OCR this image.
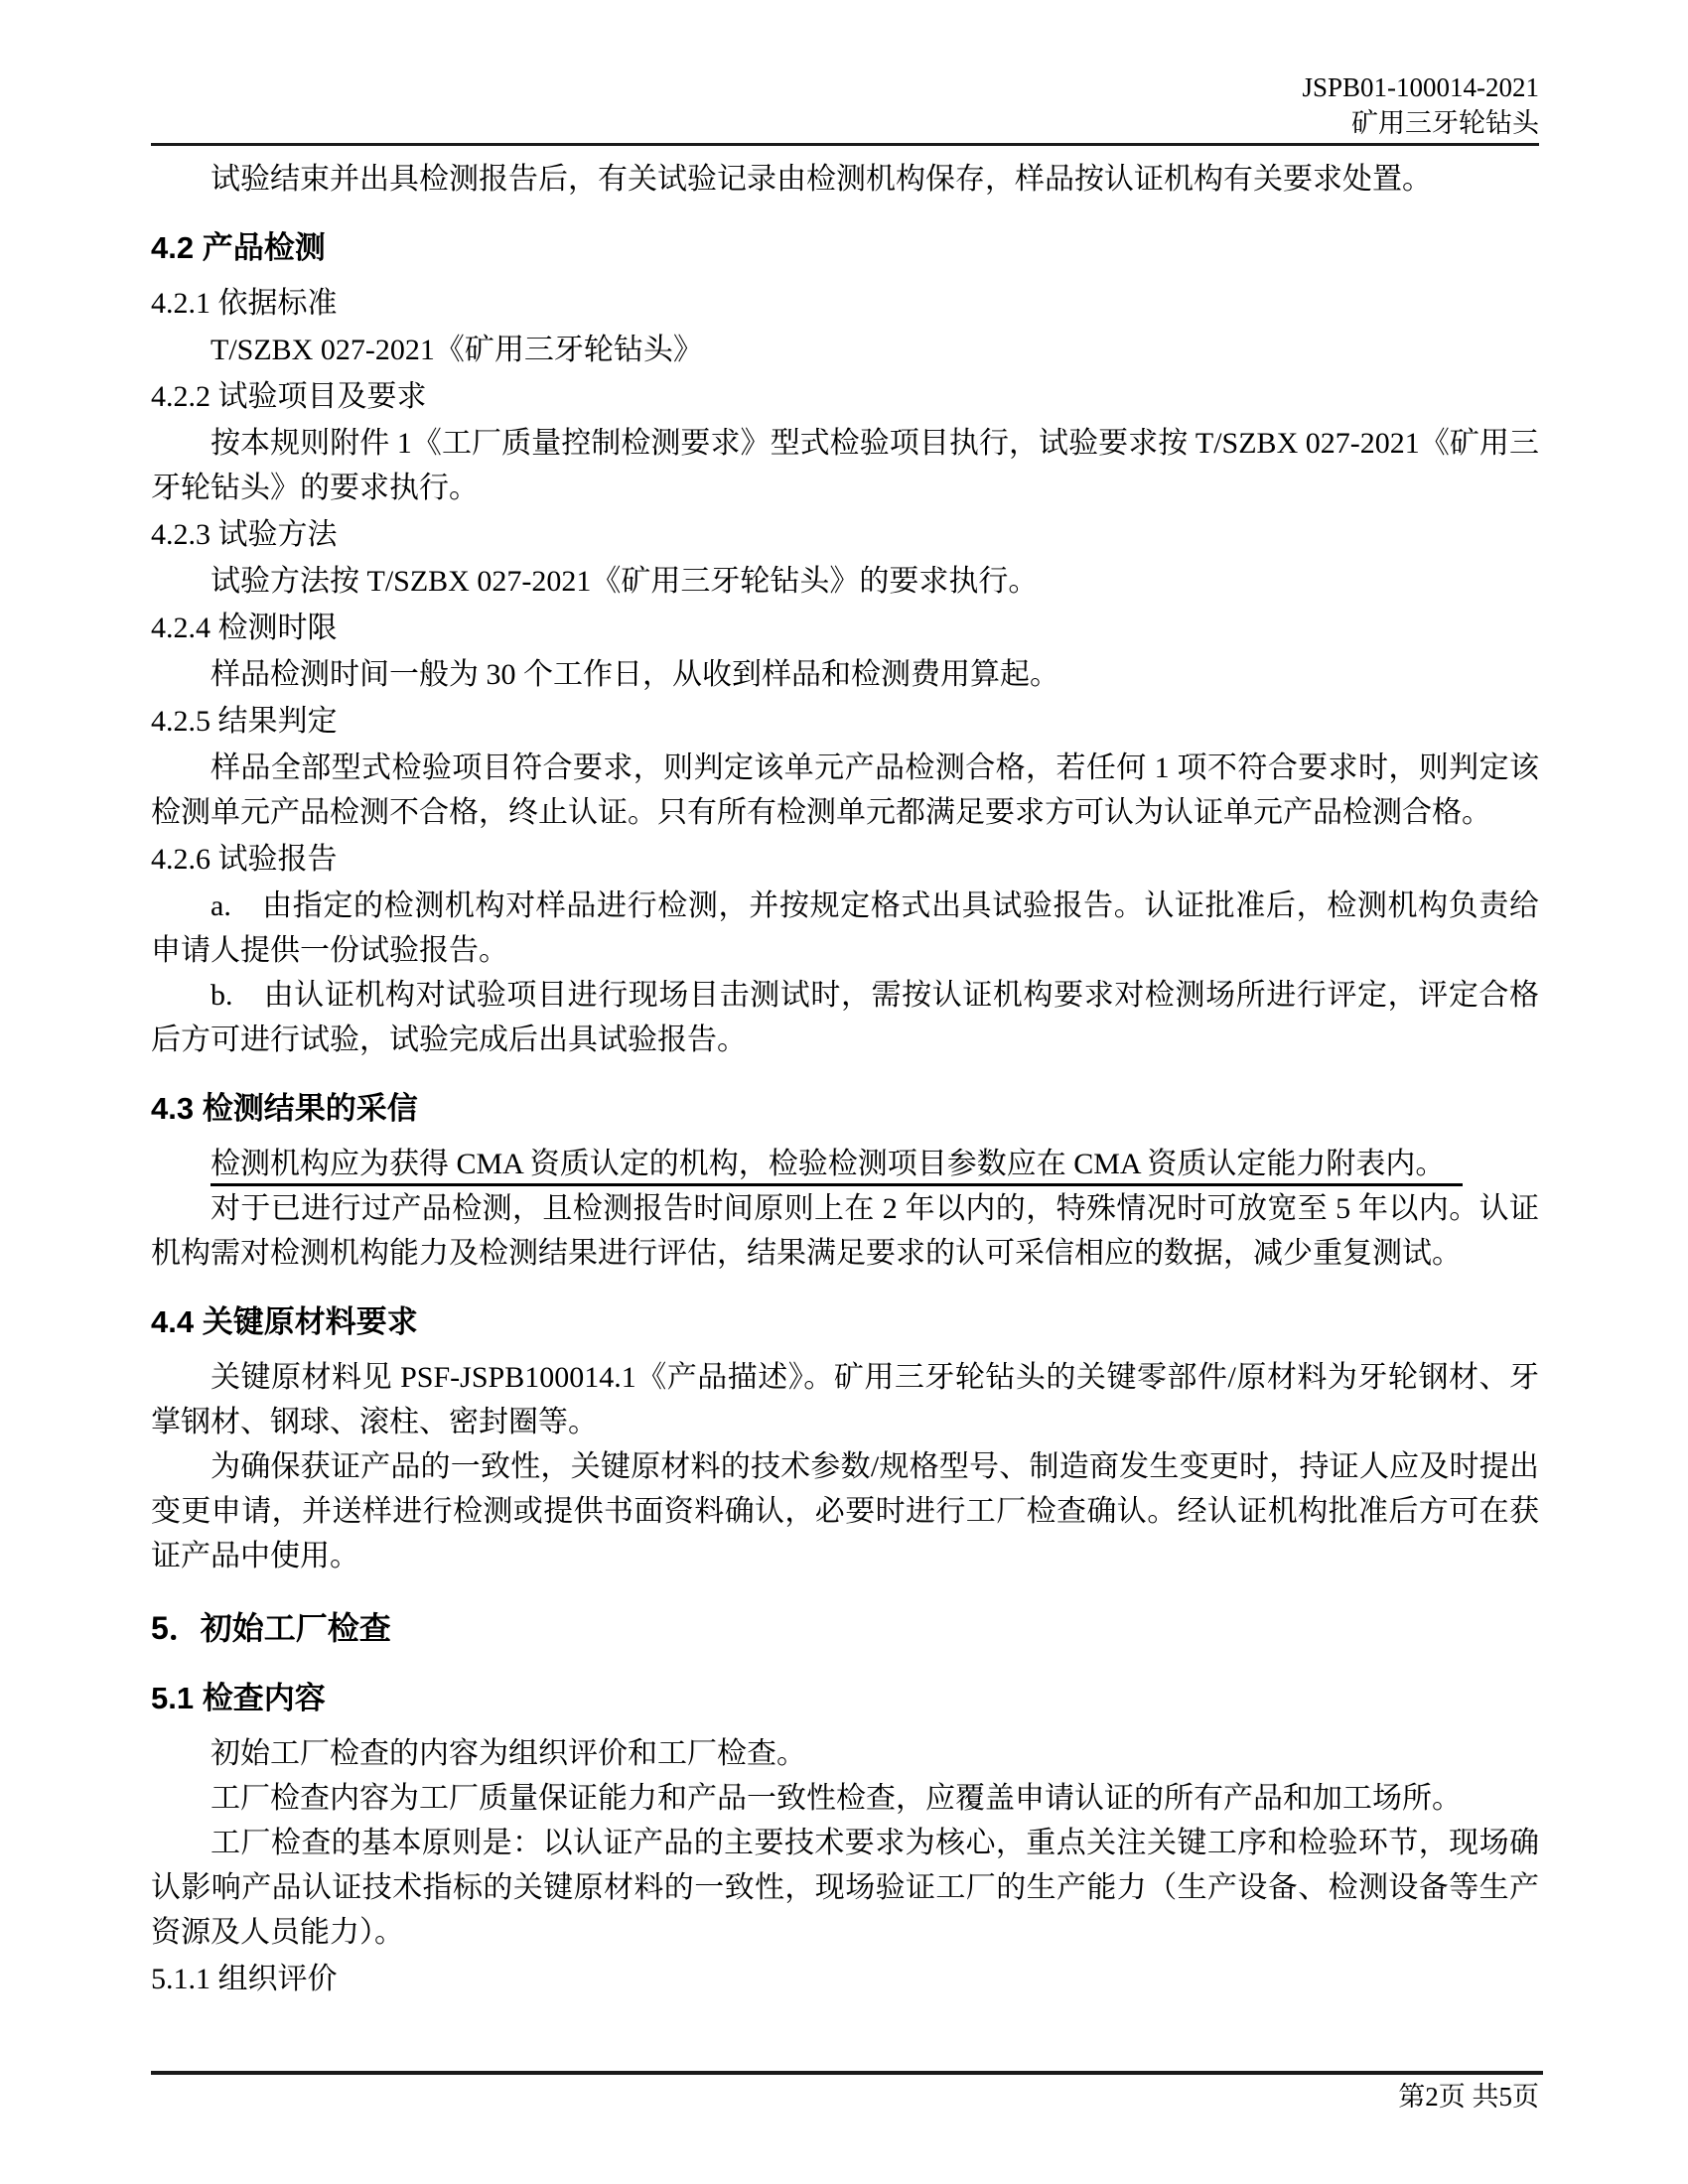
JSPB01-100014-2021
矿用三牙轮钻头

试验结束并出具检测报告后，有关试验记录由检测机构保存，样品按认证机构有关要求处置。

4.2 产品检测

4.2.1 依据标准

T/SZBX 027-2021《矿用三牙轮钻头》

4.2.2 试验项目及要求

按本规则附件 1《工厂质量控制检测要求》型式检验项目执行，试验要求按 T/SZBX 027-2021《矿用三牙轮钻头》的要求执行。

4.2.3 试验方法

试验方法按 T/SZBX 027-2021《矿用三牙轮钻头》的要求执行。

4.2.4 检测时限

样品检测时间一般为 30 个工作日，从收到样品和检测费用算起。

4.2.5 结果判定

样品全部型式检验项目符合要求，则判定该单元产品检测合格，若任何 1 项不符合要求时，则判定该检测单元产品检测不合格，终止认证。只有所有检测单元都满足要求方可认为认证单元产品检测合格。

4.2.6 试验报告

a.　由指定的检测机构对样品进行检测，并按规定格式出具试验报告。认证批准后，检测机构负责给申请人提供一份试验报告。

b.　由认证机构对试验项目进行现场目击测试时，需按认证机构要求对检测场所进行评定，评定合格后方可进行试验，试验完成后出具试验报告。

4.3 检测结果的采信

检测机构应为获得 CMA 资质认定的机构，检验检测项目参数应在 CMA 资质认定能力附表内。

对于已进行过产品检测，且检测报告时间原则上在 2 年以内的，特殊情况时可放宽至 5 年以内。认证机构需对检测机构能力及检测结果进行评估，结果满足要求的认可采信相应的数据，减少重复测试。

4.4 关键原材料要求

关键原材料见 PSF-JSPB100014.1《产品描述》。矿用三牙轮钻头的关键零部件/原材料为牙轮钢材、牙掌钢材、钢球、滚柱、密封圈等。

为确保获证产品的一致性，关键原材料的技术参数/规格型号、制造商发生变更时，持证人应及时提出变更申请，并送样进行检测或提供书面资料确认，必要时进行工厂检查确认。经认证机构批准后方可在获证产品中使用。

5．初始工厂检查

5.1 检查内容

初始工厂检查的内容为组织评价和工厂检查。

工厂检查内容为工厂质量保证能力和产品一致性检查，应覆盖申请认证的所有产品和加工场所。

工厂检查的基本原则是：以认证产品的主要技术要求为核心，重点关注关键工序和检验环节，现场确认影响产品认证技术指标的关键原材料的一致性，现场验证工厂的生产能力（生产设备、检测设备等生产资源及人员能力）。

5.1.1 组织评价

第2页 共5页
